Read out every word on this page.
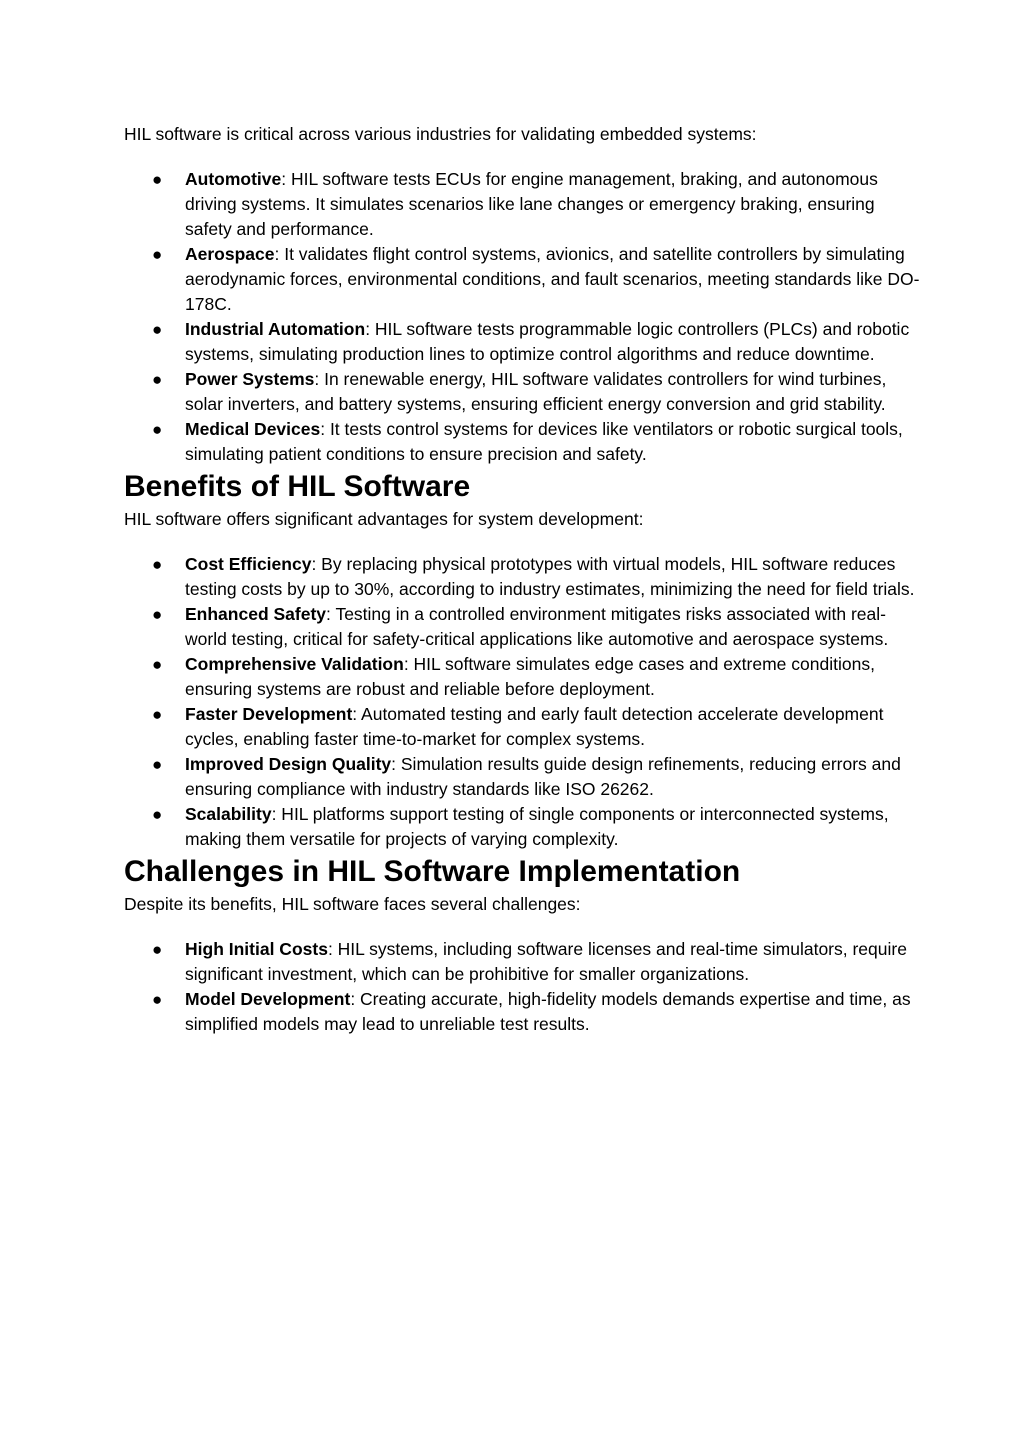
HIL software is critical across various industries for validating embedded systems:

● Automotive: HIL software tests ECUs for engine management, braking, and autonomous driving systems. It simulates scenarios like lane changes or emergency braking, ensuring safety and performance.
● Aerospace: It validates flight control systems, avionics, and satellite controllers by simulating aerodynamic forces, environmental conditions, and fault scenarios, meeting standards like DO-178C.
● Industrial Automation: HIL software tests programmable logic controllers (PLCs) and robotic systems, simulating production lines to optimize control algorithms and reduce downtime.
● Power Systems: In renewable energy, HIL software validates controllers for wind turbines, solar inverters, and battery systems, ensuring efficient energy conversion and grid stability.
● Medical Devices: It tests control systems for devices like ventilators or robotic surgical tools, simulating patient conditions to ensure precision and safety.
Benefits of HIL Software

HIL software offers significant advantages for system development:

● Cost Efficiency: By replacing physical prototypes with virtual models, HIL software reduces testing costs by up to 30%, according to industry estimates, minimizing the need for field trials.
● Enhanced Safety: Testing in a controlled environment mitigates risks associated with real-world testing, critical for safety-critical applications like automotive and aerospace systems.
● Comprehensive Validation: HIL software simulates edge cases and extreme conditions, ensuring systems are robust and reliable before deployment.
● Faster Development: Automated testing and early fault detection accelerate development cycles, enabling faster time-to-market for complex systems.
● Improved Design Quality: Simulation results guide design refinements, reducing errors and ensuring compliance with industry standards like ISO 26262.
● Scalability: HIL platforms support testing of single components or interconnected systems, making them versatile for projects of varying complexity.
Challenges in HIL Software Implementation

Despite its benefits, HIL software faces several challenges:

● High Initial Costs: HIL systems, including software licenses and real-time simulators, require significant investment, which can be prohibitive for smaller organizations.
● Model Development: Creating accurate, high-fidelity models demands expertise and time, as simplified models may lead to unreliable test results.
